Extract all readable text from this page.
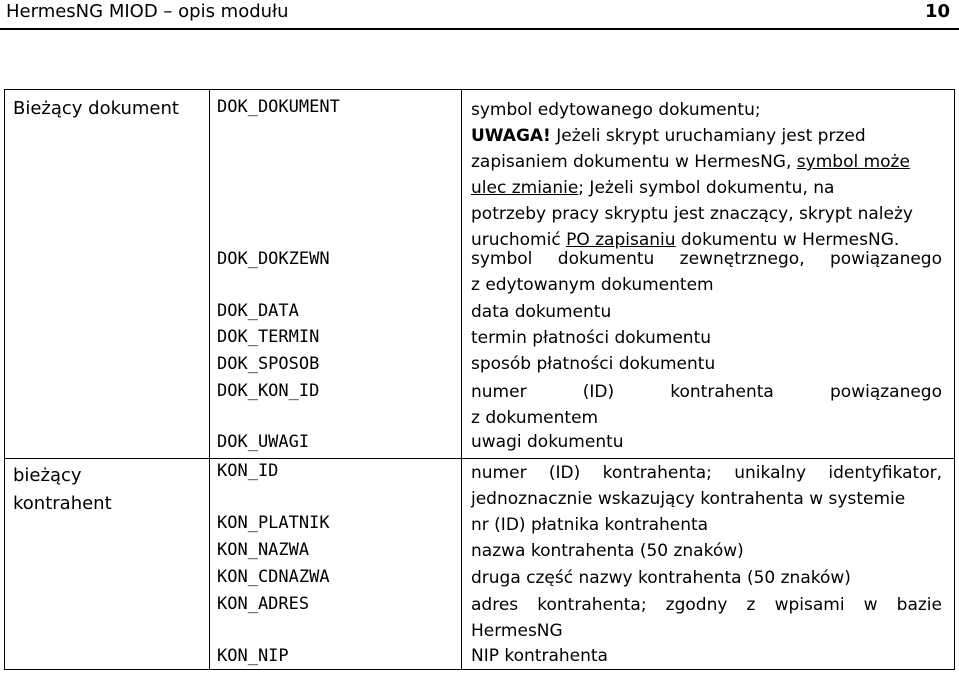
HermesNG MIOD – opis modułu	10
Bieżący dokument	DOK_DOKUMENT	symbol edytowanego dokumentu;
UWAGA! Jeżeli skrypt uruchamiany jest przed
zapisaniem dokumentu w HermesNG, symbol może
ulec zmianie; Jeżeli symbol dokumentu, na
potrzeby pracy skryptu jest znaczący, skrypt należy
uruchomić PO zapisaniu dokumentu w HermesNG.
DOK_DOKZEWN	symbol dokumentu zewnętrznego, powiązanego
z edytowanym dokumentem
DOK_DATA	data dokumentu
DOK_TERMIN	termin płatności dokumentu
DOK_SPOSOB	sposób płatności dokumentu
DOK_KON_ID	numer (ID) kontrahenta powiązanego
z dokumentem
DOK_UWAGI	uwagi dokumentu
bieżący
kontrahent
KON_ID	numer (ID) kontrahenta; unikalny identyfikator,
jednoznacznie wskazujący kontrahenta w systemie
KON_PLATNIK	nr (ID) płatnika kontrahenta
KON_NAZWA	nazwa kontrahenta (50 znaków)
KON_CDNAZWA	druga część nazwy kontrahenta (50 znaków)
KON_ADRES	adres kontrahenta; zgodny z wpisami w bazie
HermesNG
KON_NIP	NIP kontrahenta
